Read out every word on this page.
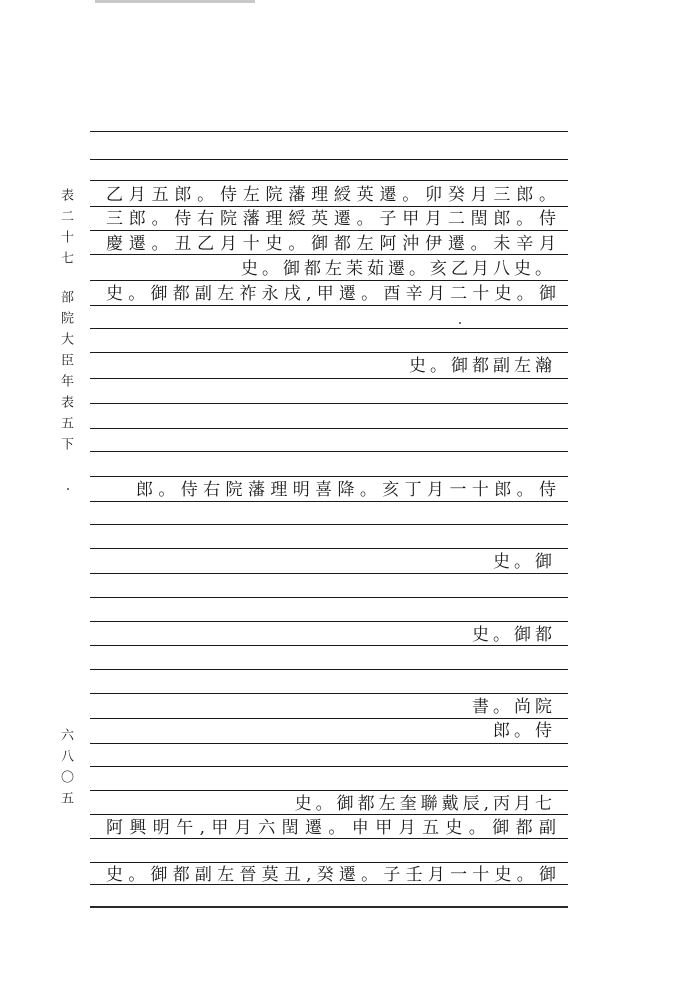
表二十七
部院大臣年表五下
六八〇五
乙月五郎。侍左院藩理綬英遷。卯癸月三郎。
三郎。侍右院藩理綬英遷。子甲月二閏郎。侍
慶遷。丑乙月十史。御都左阿沖伊遷。未辛月
史。御都左苿茹遷。亥乙月八史。
史。御都副左祚永戌,甲遷。酉辛月二十史。御
史。御都副左瀚
郎。侍右院藩理明喜降。亥丁月一十郎。侍
史。御
史。御都
書。尚院
郎。侍
史。御都左奎聯戴辰,丙月七
阿興明午,甲月六閏遷。申甲月五史。御都副
史。御都副左晉莫丑,癸遷。子壬月一十史。御
